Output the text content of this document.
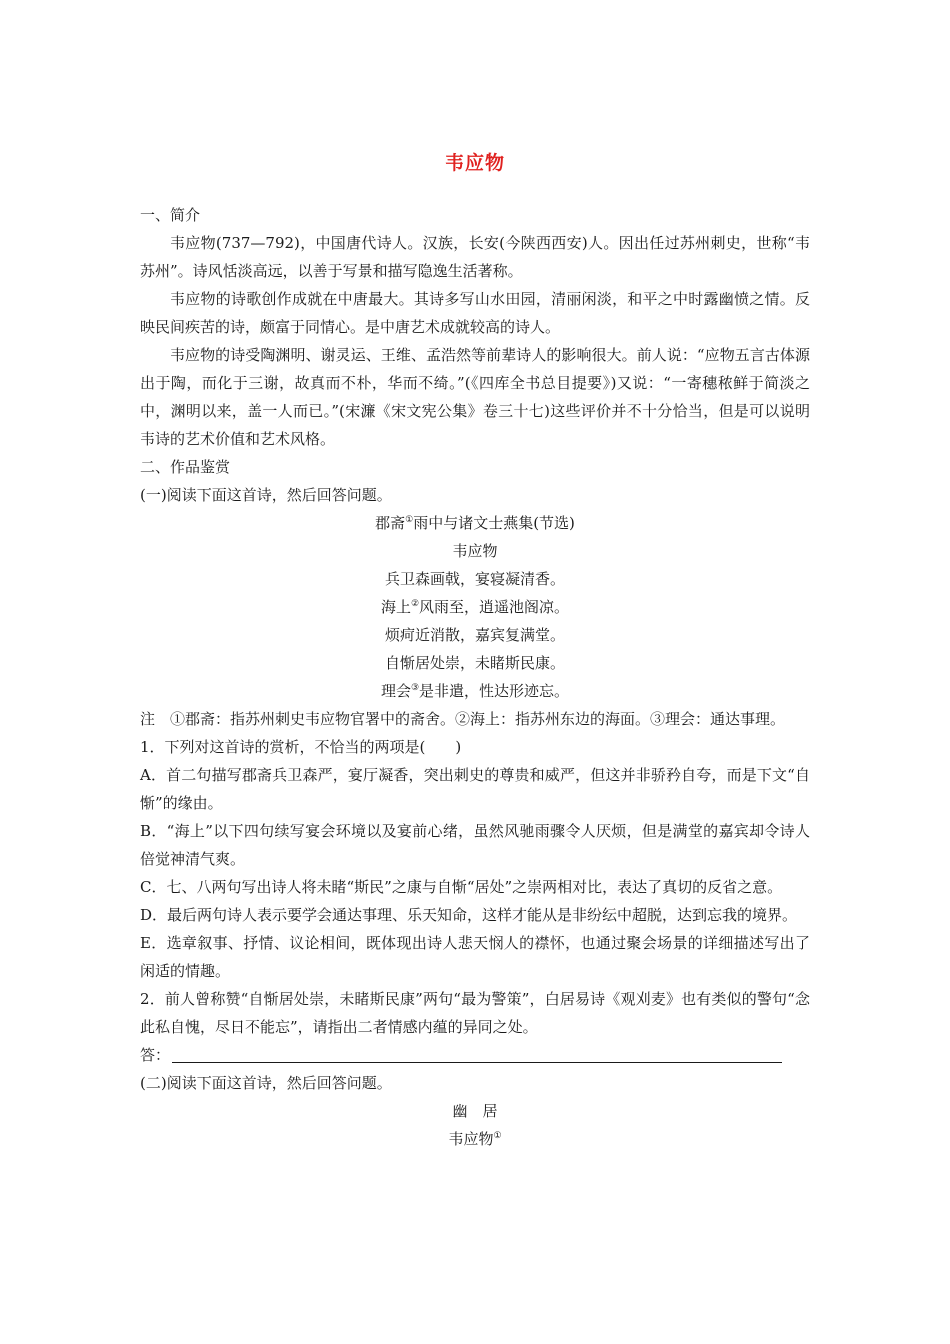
韦应物

一、简介

韦应物(737—792)，中国唐代诗人。汉族，长安(今陕西西安)人。因出任过苏州刺史，世称“韦苏州”。诗风恬淡高远，以善于写景和描写隐逸生活著称。

韦应物的诗歌创作成就在中唐最大。其诗多写山水田园，清丽闲淡，和平之中时露幽愤之情。反映民间疾苦的诗，颇富于同情心。是中唐艺术成就较高的诗人。

韦应物的诗受陶渊明、谢灵运、王维、孟浩然等前辈诗人的影响很大。前人说：“应物五言古体源出于陶，而化于三谢，故真而不朴，华而不绮。”(《四库全书总目提要》)又说：“一寄穗秾鲜于简淡之中，渊明以来，盖一人而已。”(宋濂《宋文宪公集》卷三十七)这些评价并不十分恰当，但是可以说明韦诗的艺术价值和艺术风格。

二、作品鉴赏

(一)阅读下面这首诗，然后回答问题。

郡斋①雨中与诸文士燕集(节选)
韦应物
兵卫森画戟，宴寝凝清香。
海上②风雨至，逍遥池阁凉。
烦疴近消散，嘉宾复满堂。
自惭居处崇，未睹斯民康。
理会③是非遣，性达形迹忘。

注　①郡斋：指苏州刺史韦应物官署中的斋舍。②海上：指苏州东边的海面。③理会：通达事理。

1．下列对这首诗的赏析，不恰当的两项是(　　)

A．首二句描写郡斋兵卫森严，宴厅凝香，突出刺史的尊贵和威严，但这并非骄矜自夸，而是下文“自惭”的缘由。

B．“海上”以下四句续写宴会环境以及宴前心绪，虽然风驰雨骤令人厌烦，但是满堂的嘉宾却令诗人倍觉神清气爽。

C．七、八两句写出诗人将未睹“斯民”之康与自惭“居处”之崇两相对比，表达了真切的反省之意。

D．最后两句诗人表示要学会通达事理、乐天知命，这样才能从是非纷纭中超脱，达到忘我的境界。

E．选章叙事、抒情、议论相间，既体现出诗人悲天悯人的襟怀，也通过聚会场景的详细描述写出了闲适的情趣。

2．前人曾称赞“自惭居处崇，未睹斯民康”两句“最为警策”，白居易诗《观刈麦》也有类似的警句“念此私自愧，尽日不能忘”，请指出二者情感内蕴的异同之处。

答：

(二)阅读下面这首诗，然后回答问题。

幽　居
韦应物①
